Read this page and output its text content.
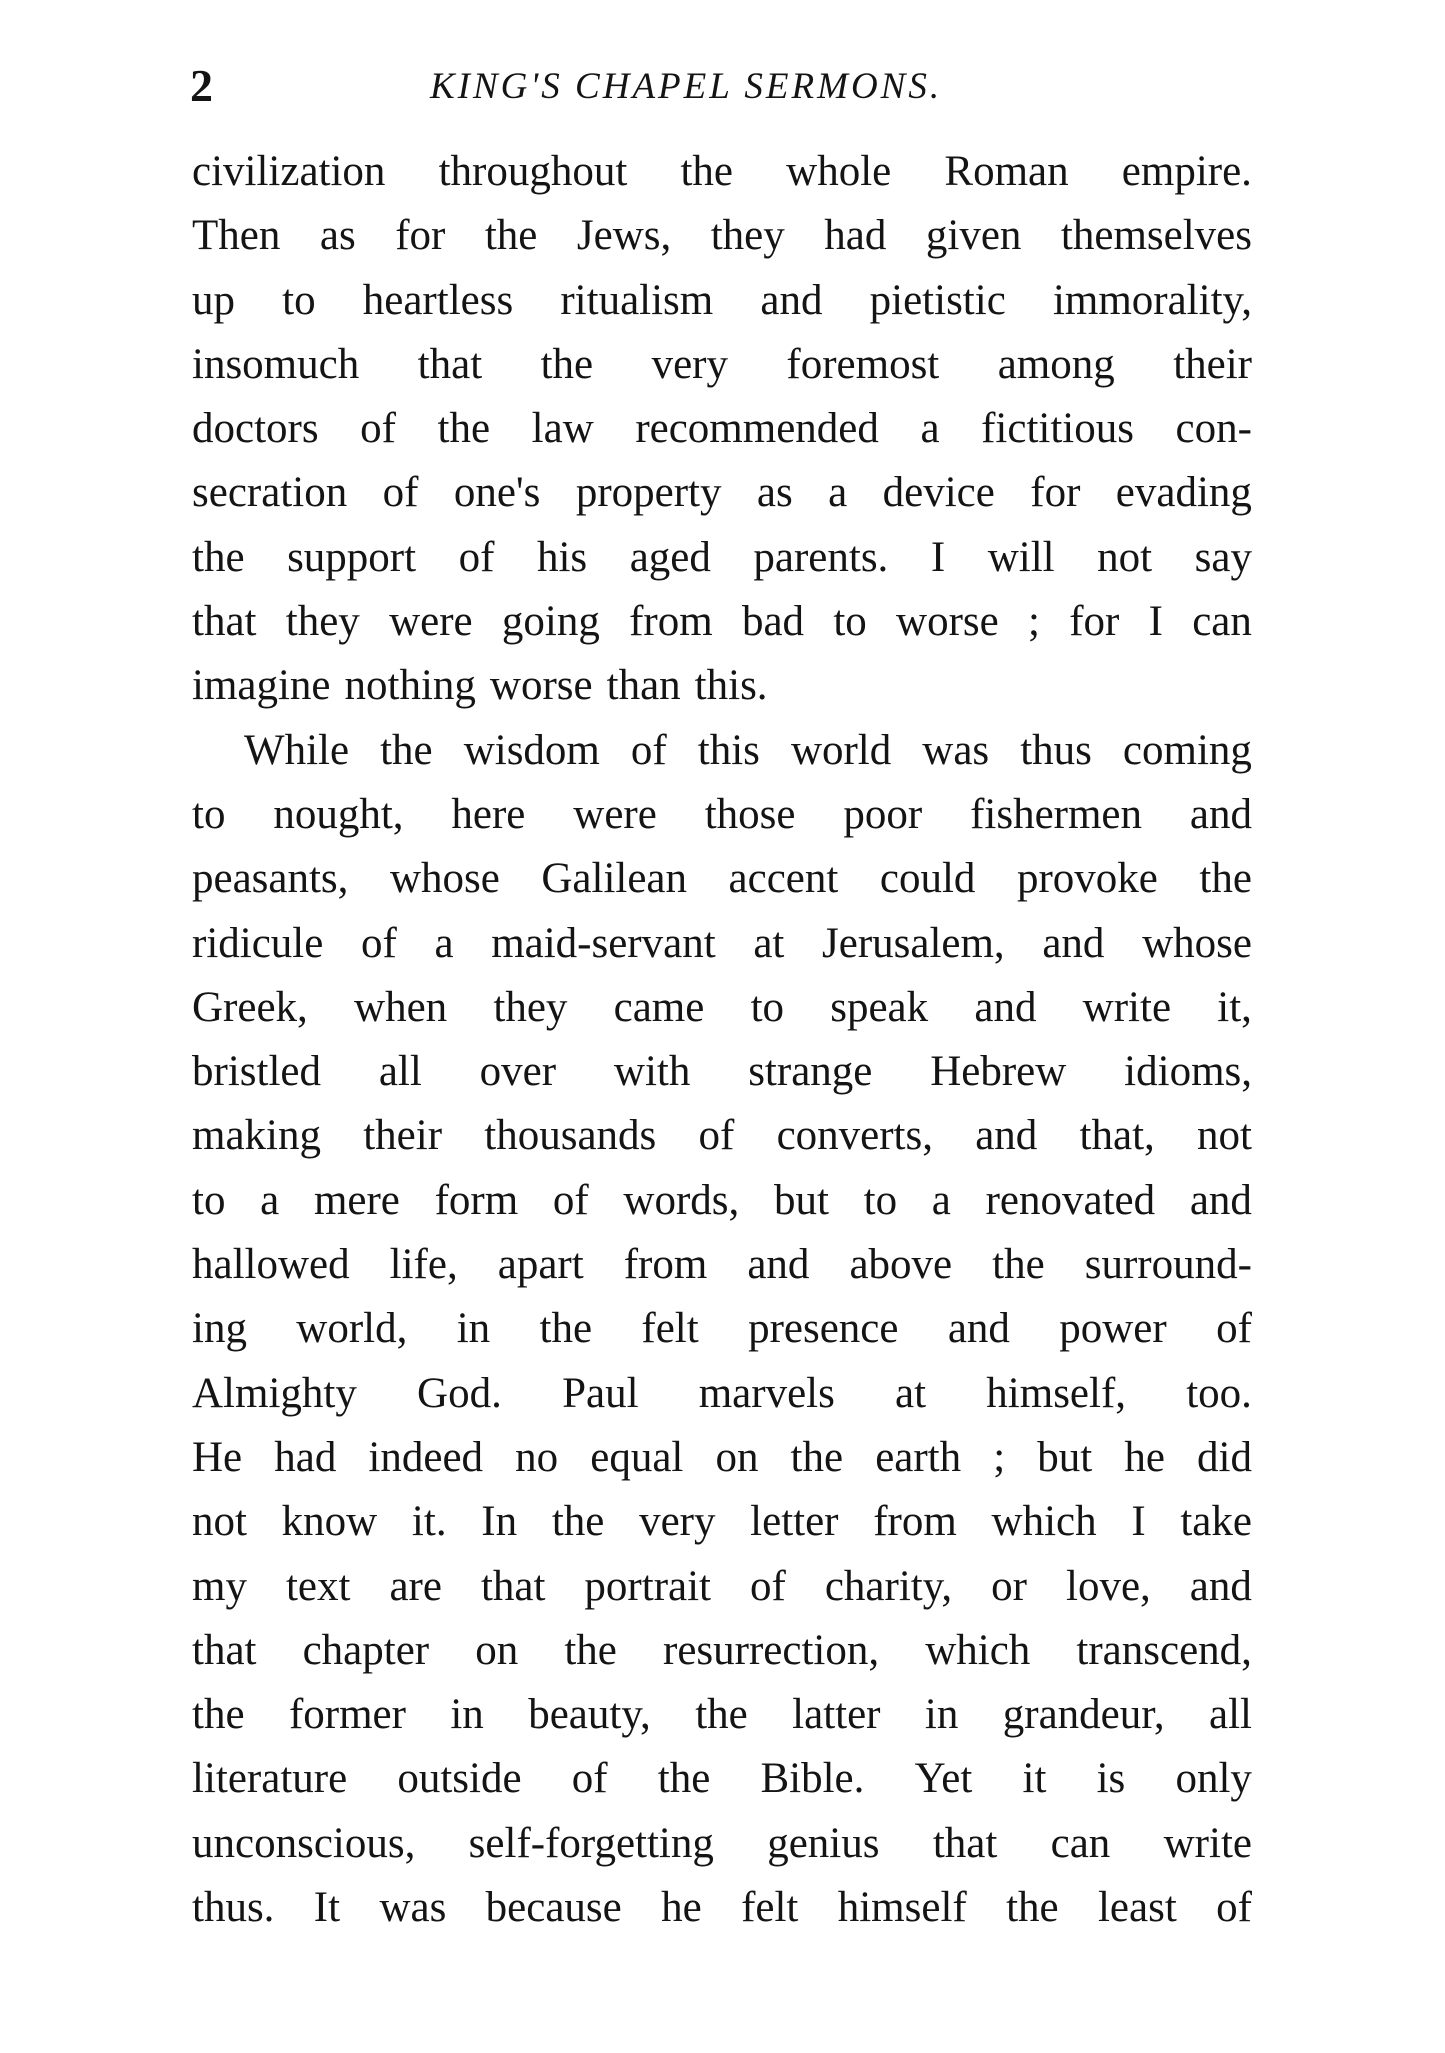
2	KING'S CHAPEL SERMONS.
civilization throughout the whole Roman empire.
Then as for the Jews, they had given themselves
up to heartless ritualism and pietistic immorality,
insomuch that the very foremost among their
doctors of the law recommended a fictitious con-
secration of one's property as a device for evading
the support of his aged parents. I will not say
that they were going from bad to worse ; for I can
imagine nothing worse than this.
While the wisdom of this world was thus coming
to nought, here were those poor fishermen and
peasants, whose Galilean accent could provoke the
ridicule of a maid-servant at Jerusalem, and whose
Greek, when they came to speak and write it,
bristled all over with strange Hebrew idioms,
making their thousands of converts, and that, not
to a mere form of words, but to a renovated and
hallowed life, apart from and above the surround-
ing world, in the felt presence and power of
Almighty God. Paul marvels at himself, too.
He had indeed no equal on the earth ; but he did
not know it. In the very letter from which I take
my text are that portrait of charity, or love, and
that chapter on the resurrection, which transcend,
the former in beauty, the latter in grandeur, all
literature outside of the Bible. Yet it is only
unconscious, self-forgetting genius that can write
thus. It was because he felt himself the least of
